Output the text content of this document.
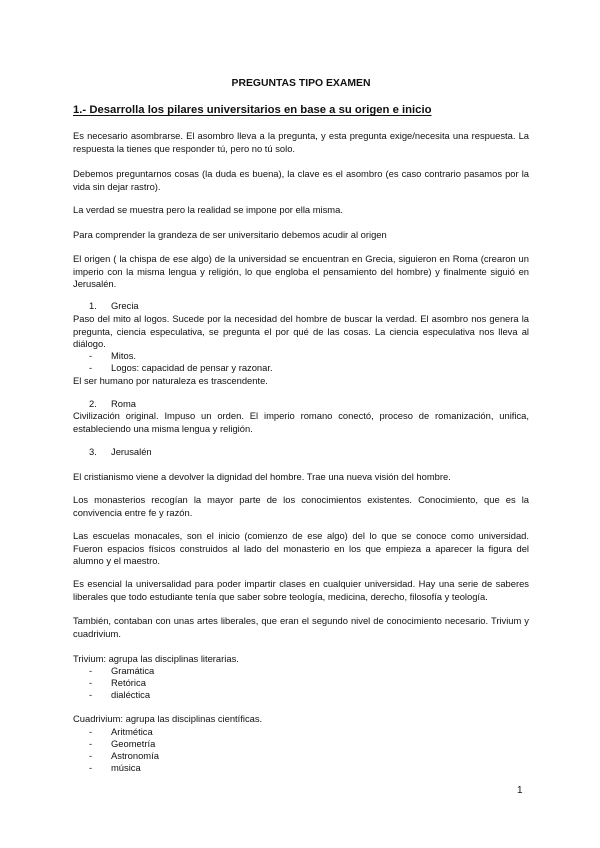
PREGUNTAS TIPO EXAMEN
1.- Desarrolla los pilares universitarios en base a su origen e inicio
Es necesario asombrarse. El asombro lleva a la pregunta, y esta pregunta exige/necesita una respuesta. La respuesta la tienes que responder tú, pero no tú solo.
Debemos preguntarnos cosas (la duda es buena), la clave es el asombro (es caso contrario pasamos por la vida sin dejar rastro).
La verdad se muestra pero la realidad se impone por ella misma.
Para comprender la grandeza de ser universitario debemos acudir al origen
El origen ( la chispa de ese algo) de la universidad se encuentran en Grecia, siguieron en Roma (crearon un imperio con la misma lengua y religión, lo que engloba el pensamiento del hombre) y finalmente siguió en Jerusalén.
1. Grecia
Paso del mito al logos. Sucede por la necesidad del hombre de buscar la verdad. El asombro nos genera la pregunta, ciencia especulativa, se pregunta el por qué de las cosas. La ciencia especulativa nos lleva al diálogo.
- Mitos.
- Logos: capacidad de pensar y razonar.
El ser humano por naturaleza es trascendente.
2. Roma
Civilización original. Impuso un orden. El imperio romano conectó, proceso de romanización, unifica, estableciendo una misma lengua y religión.
3. Jerusalén
El cristianismo viene a devolver la dignidad del hombre. Trae una nueva visión del hombre.
Los monasterios recogían la mayor parte de los conocimientos existentes. Conocimiento, que es la convivencia entre fe y razón.
Las escuelas monacales, son el inicio (comienzo de ese algo) del lo que se conoce como universidad. Fueron espacios físicos construidos al lado del monasterio en los que empieza a aparecer la figura del alumno y el maestro.
Es esencial la universalidad para poder impartir clases en cualquier universidad. Hay una serie de saberes liberales que todo estudiante tenía que saber sobre teología, medicina, derecho, filosofía y teología.
También, contaban con unas artes liberales, que eran el segundo nivel de conocimiento necesario. Trivium y cuadrivium.
Trivium: agrupa las disciplinas literarias.
- Gramática
- Retórica
- dialéctica
Cuadrivium: agrupa las disciplinas científicas.
- Aritmética
- Geometría
- Astronomía
- música
1
